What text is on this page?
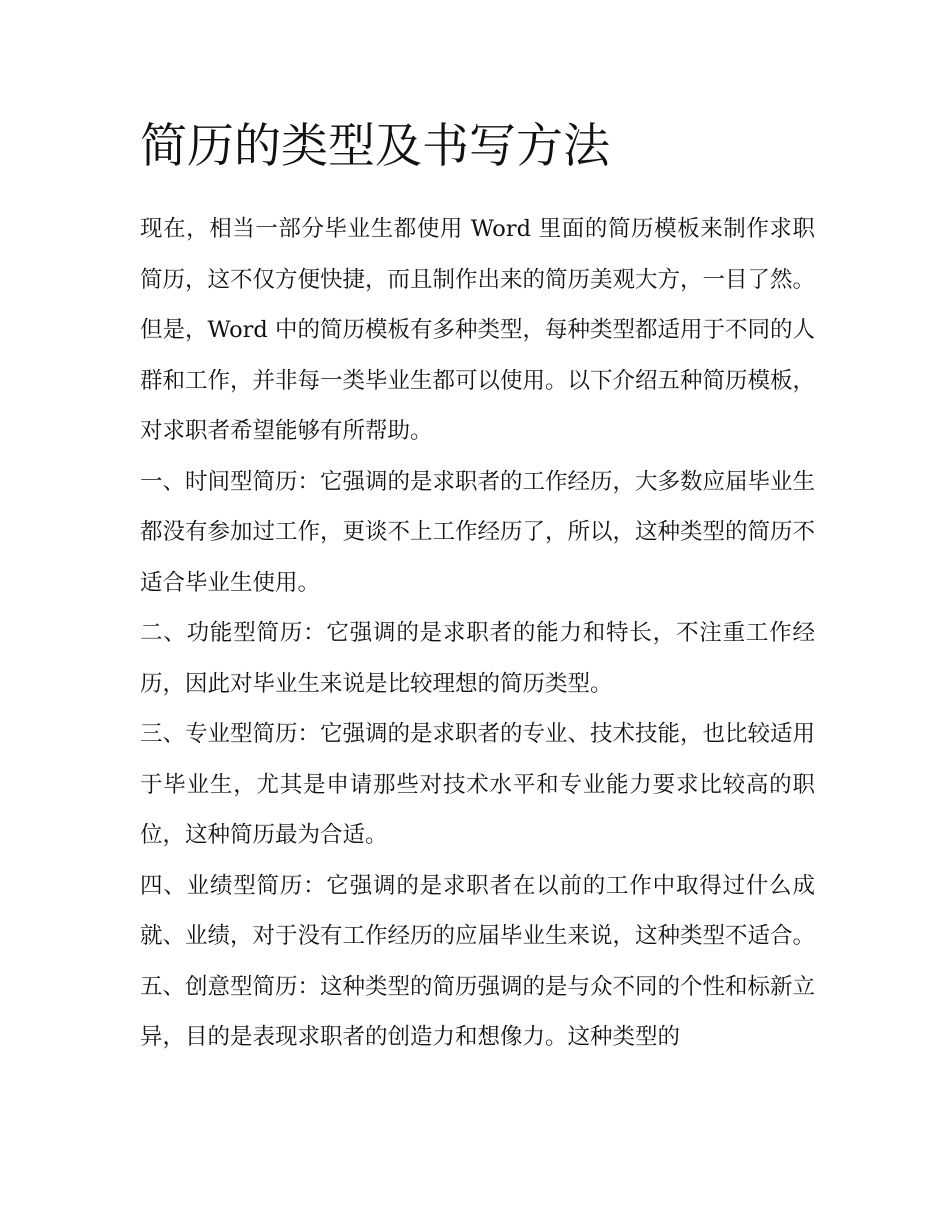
简历的类型及书写方法

现在，相当一部分毕业生都使用 Word 里面的简历模板来制作求职简历，这不仅方便快捷，而且制作出来的简历美观大方，一目了然。但是，Word 中的简历模板有多种类型，每种类型都适用于不同的人群和工作，并非每一类毕业生都可以使用。以下介绍五种简历模板，对求职者希望能够有所帮助。

一、时间型简历：它强调的是求职者的工作经历，大多数应届毕业生都没有参加过工作，更谈不上工作经历了，所以，这种类型的简历不适合毕业生使用。

二、功能型简历：它强调的是求职者的能力和特长，不注重工作经历，因此对毕业生来说是比较理想的简历类型。

三、专业型简历：它强调的是求职者的专业、技术技能，也比较适用于毕业生，尤其是申请那些对技术水平和专业能力要求比较高的职位，这种简历最为合适。

四、业绩型简历：它强调的是求职者在以前的工作中取得过什么成就、业绩，对于没有工作经历的应届毕业生来说，这种类型不适合。

五、创意型简历：这种类型的简历强调的是与众不同的个性和标新立异，目的是表现求职者的创造力和想像力。这种类型的
